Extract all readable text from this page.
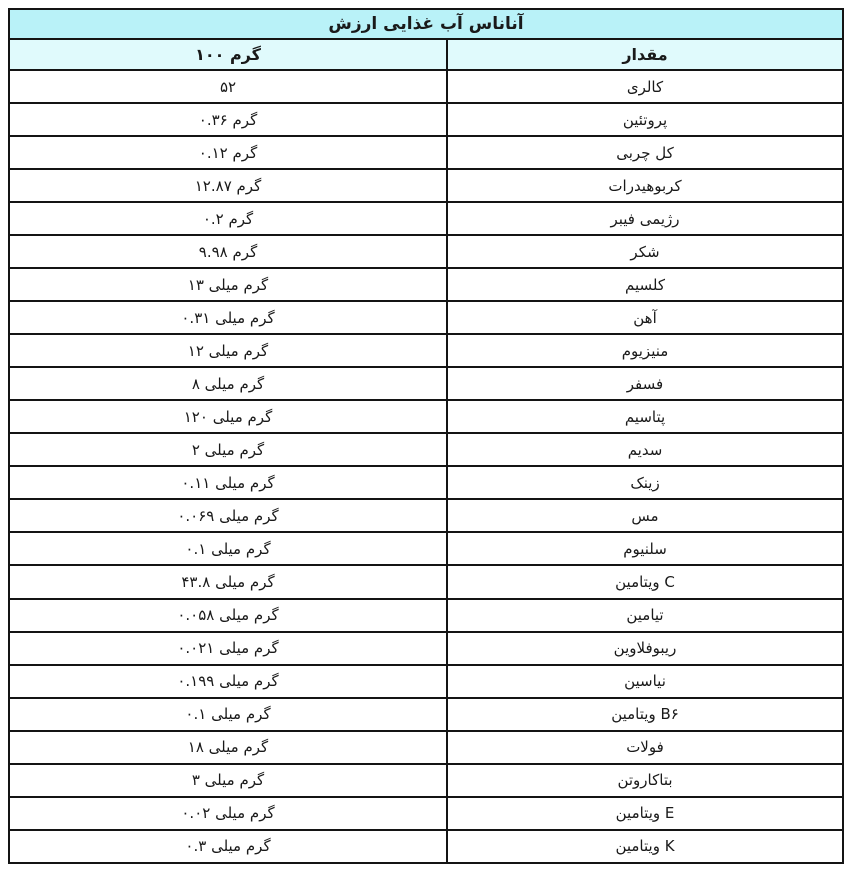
ارزش ‎غذایی ‎آب ‎آناناس	
۱۰۰ گرم	مقدار
۵۲	کالری
۰.۳۶ گرم	پروتئین
۰.۱۲ گرم	چربی ‎کل
۱۲.۸۷ گرم	کربوهیدرات
۰.۲ گرم	فیبر ‎رژیمی
۹.۹۸ گرم	شکر
۱۳ میلی ‎گرم	کلسیم
۰.۳۱ میلی ‎گرم	آهن
۱۲ میلی ‎گرم	منیزیوم
۸ میلی ‎گرم	فسفر
۱۲۰ میلی ‎گرم	پتاسیم
۲ میلی ‎گرم	سدیم
۰.۱۱ میلی ‎گرم	زینک
۰.۰۶۹ میلی ‎گرم	مس
۰.۱ میلی ‎گرم	سلنیوم
۴۳.۸ میلی ‎گرم	ویتامین C
۰.۰۵۸ میلی ‎گرم	تیامین
۰.۰۲۱ میلی ‎گرم	ریبوفلاوین
۰.۱۹۹ میلی ‎گرم	نیاسین
۰.۱ میلی ‎گرم	ویتامین B۶
۱۸ میلی ‎گرم	فولات
۳ میلی ‎گرم	بتاکاروتن
۰.۰۲ میلی ‎گرم	ویتامین E
۰.۳ میلی ‎گرم	ویتامین K
